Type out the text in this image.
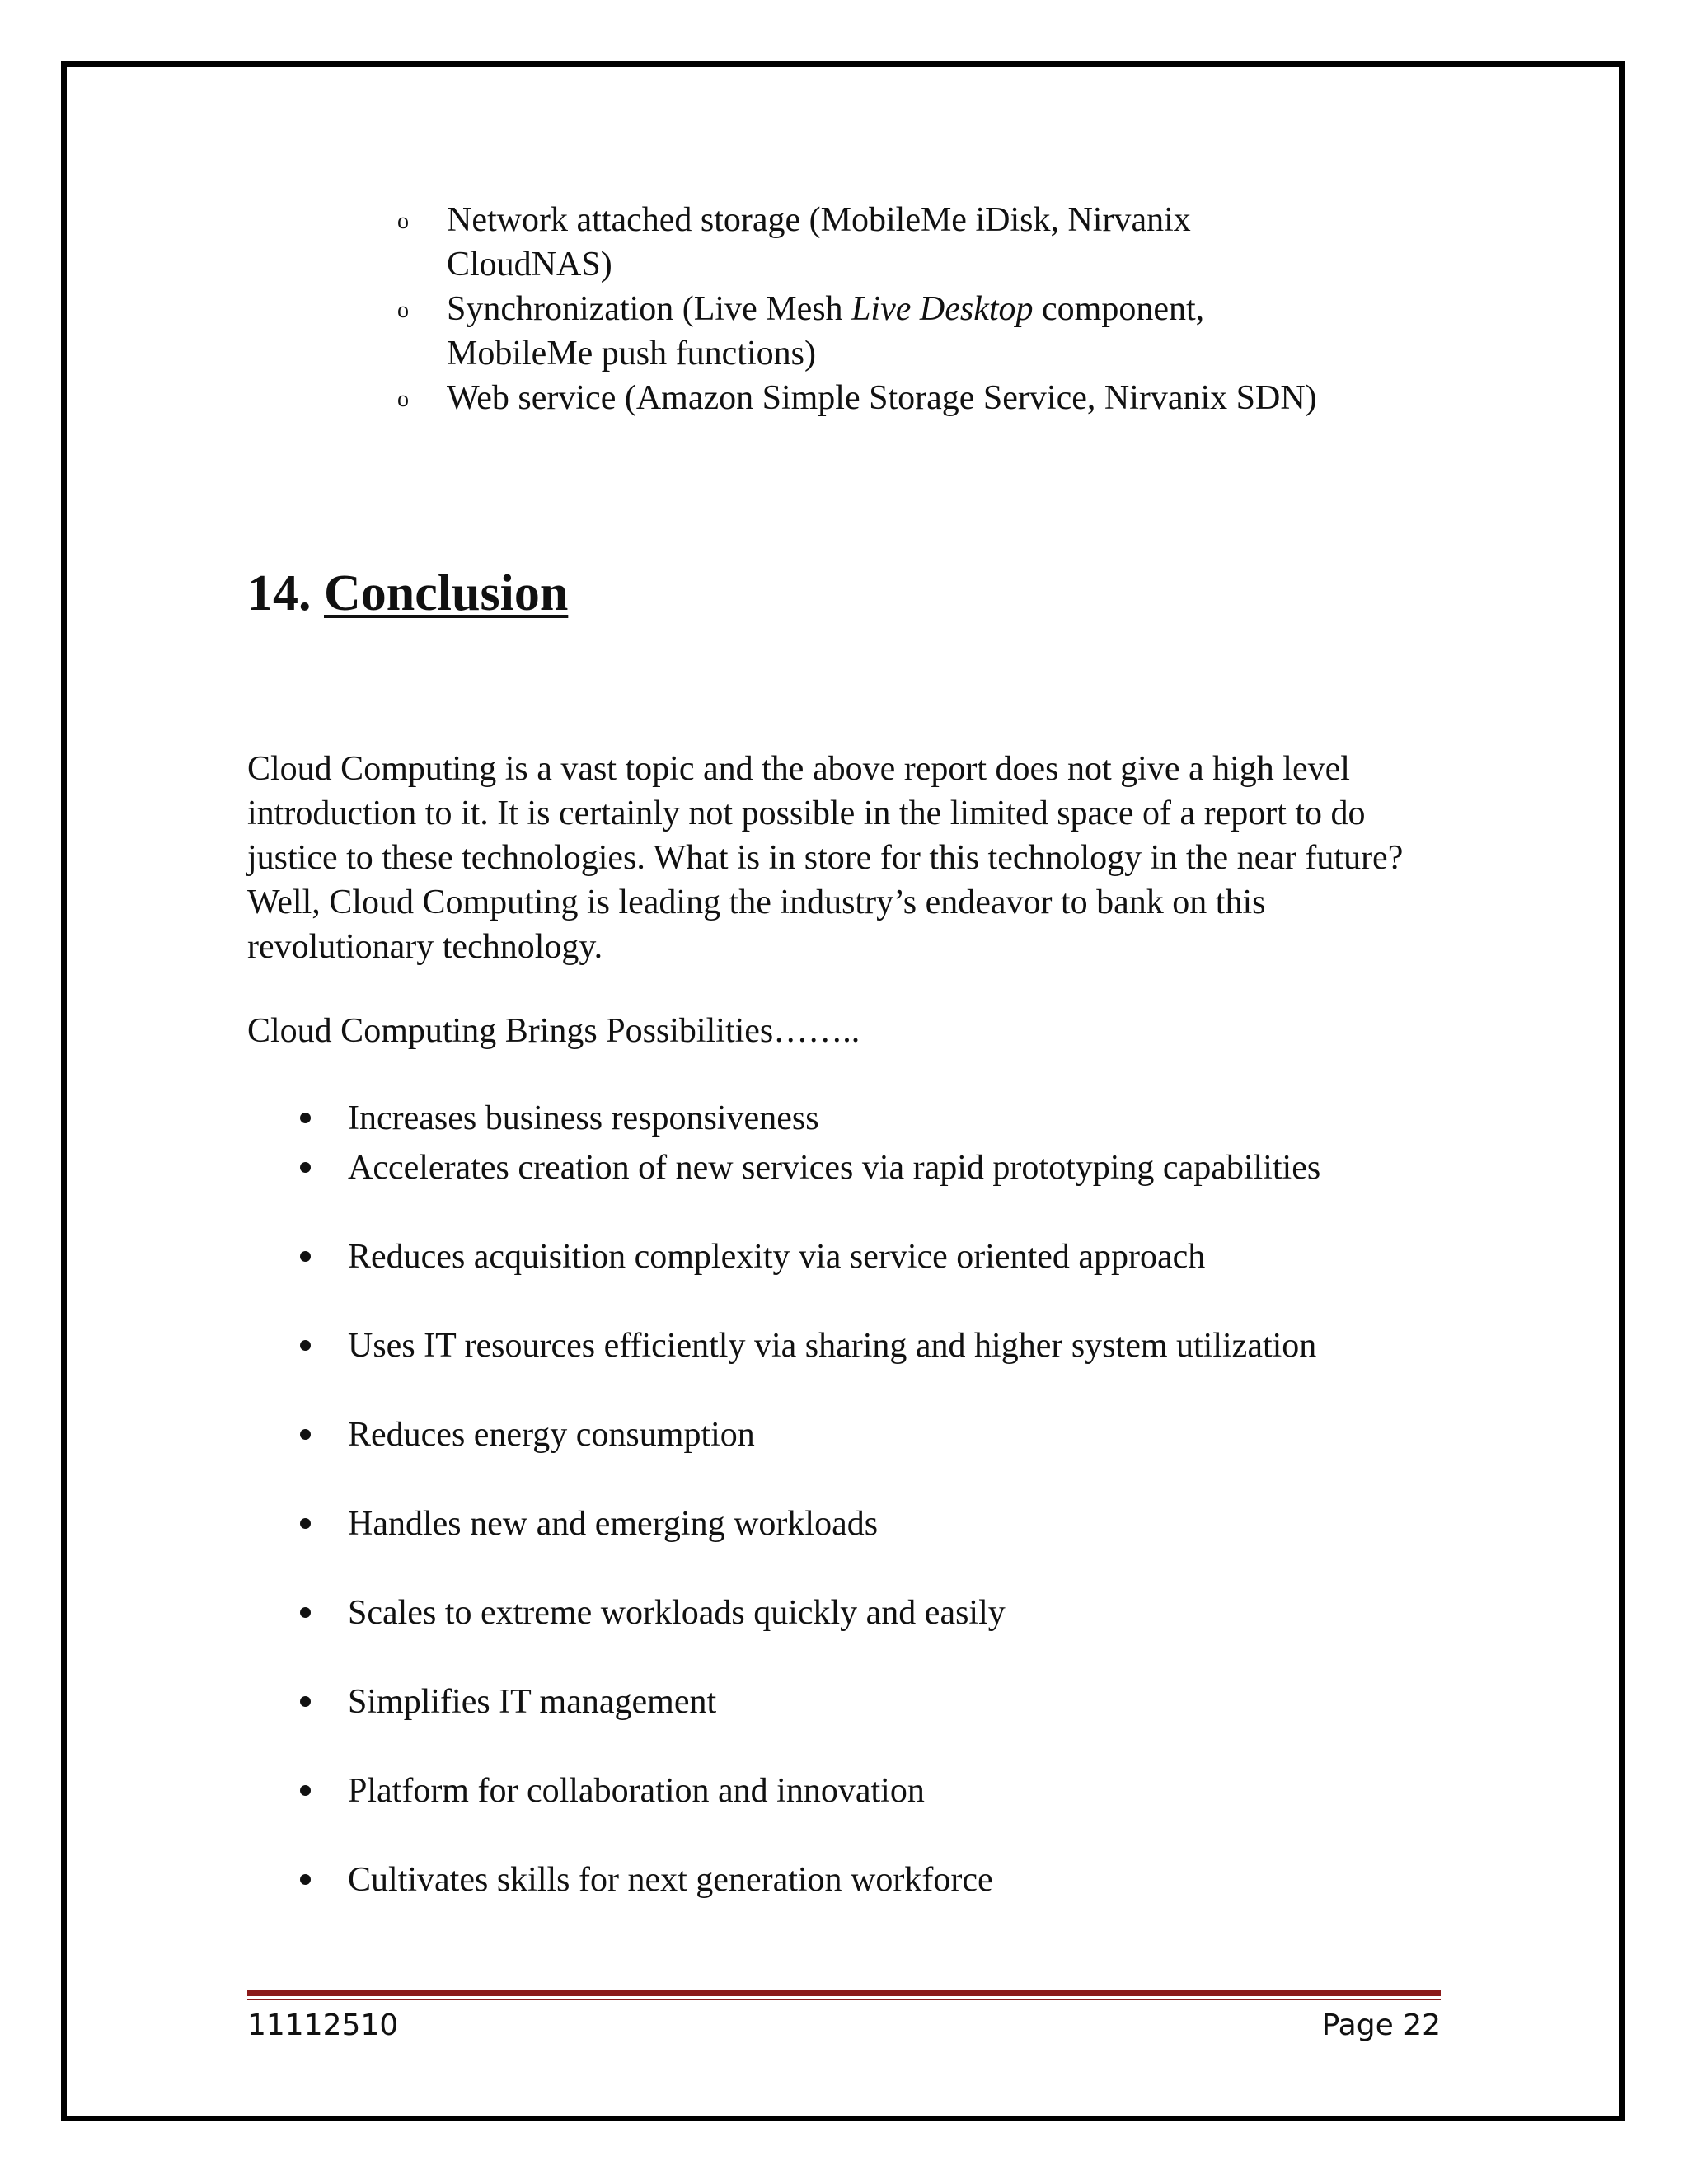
o Network attached storage (MobileMe iDisk, Nirvanix
CloudNAS)
o Synchronization (Live Mesh Live Desktop component,
MobileMe push functions)
o Web service (Amazon Simple Storage Service, Nirvanix SDN)
14. Conclusion

Cloud Computing is a vast topic and the above report does not give a high level introduction to it. It is certainly not possible in the limited space of a report to do justice to these technologies. What is in store for this technology in the near future? Well, Cloud Computing is leading the industry’s endeavor to bank on this revolutionary technology.

Cloud Computing Brings Possibilities……..

Increases business responsiveness
Accelerates creation of new services via rapid prototyping capabilities
Reduces acquisition complexity via service oriented approach
Uses IT resources efficiently via sharing and higher system utilization
Reduces energy consumption
Handles new and emerging workloads
Scales to extreme workloads quickly and easily
Simplifies IT management
Platform for collaboration and innovation
Cultivates skills for next generation workforce
11112510	Page 22
